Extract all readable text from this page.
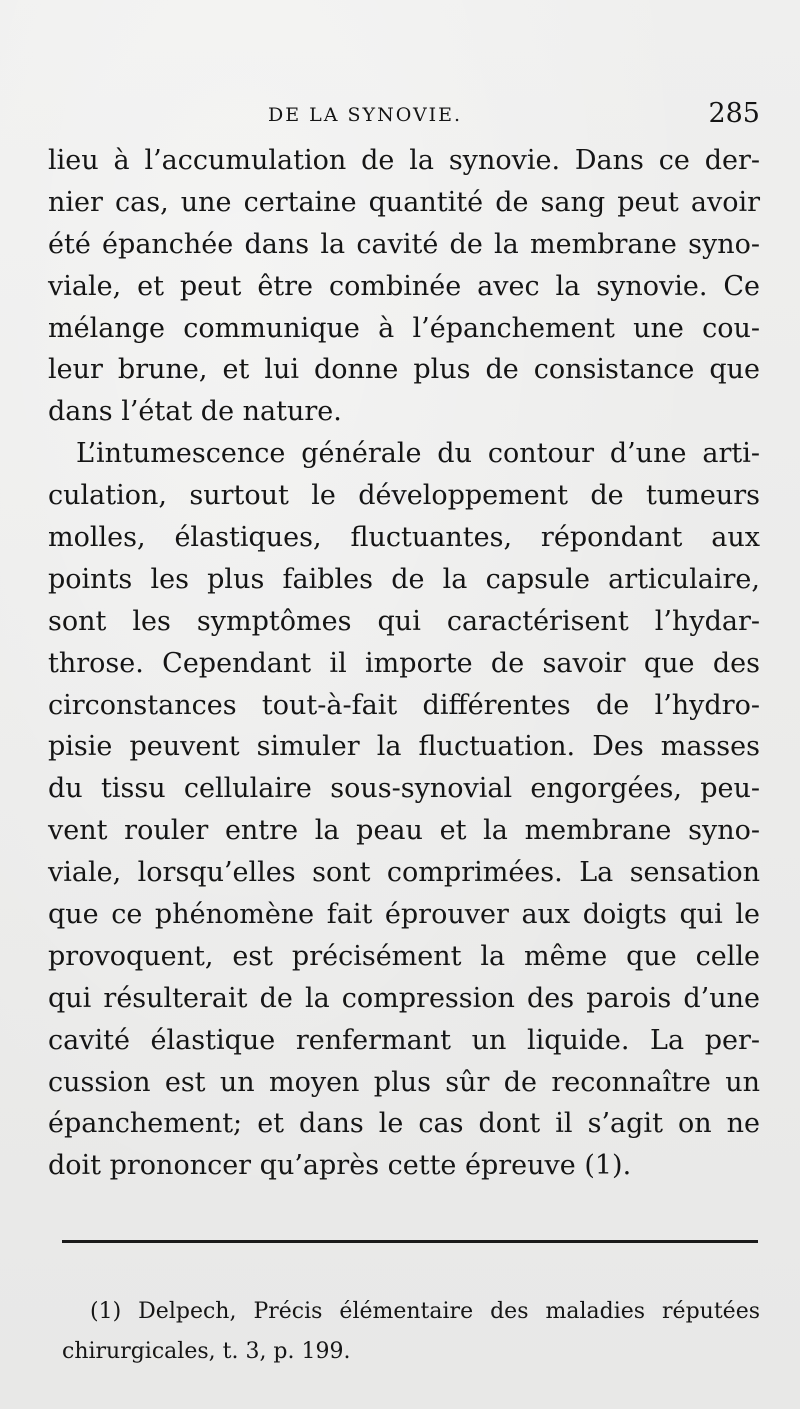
DE LA SYNOVIE.	285
lieu à l’accumulation de la synovie. Dans ce der-
nier cas, une certaine quantité de sang peut avoir
été épanchée dans la cavité de la membrane syno-
viale, et peut être combinée avec la synovie. Ce
mélange communique à l’épanchement une cou-
leur brune, et lui donne plus de consistance que
dans l’état de nature.
L’intumescence générale du contour d’une arti-
culation, surtout le développement de tumeurs
molles, élastiques, fluctuantes, répondant aux
points les plus faibles de la capsule articulaire,
sont les symptômes qui caractérisent l’hydar-
throse. Cependant il importe de savoir que des
circonstances tout-à-fait différentes de l’hydro-
pisie peuvent simuler la fluctuation. Des masses
du tissu cellulaire sous-synovial engorgées, peu-
vent rouler entre la peau et la membrane syno-
viale, lorsqu’elles sont comprimées. La sensation
que ce phénomène fait éprouver aux doigts qui le
provoquent, est précisément la même que celle
qui résulterait de la compression des parois d’une
cavité élastique renfermant un liquide. La per-
cussion est un moyen plus sûr de reconnaître un
épanchement; et dans le cas dont il s’agit on ne
doit prononcer qu’après cette épreuve (1).
(1) Delpech, Précis élémentaire des maladies réputées
chirurgicales, t. 3, p. 199.
